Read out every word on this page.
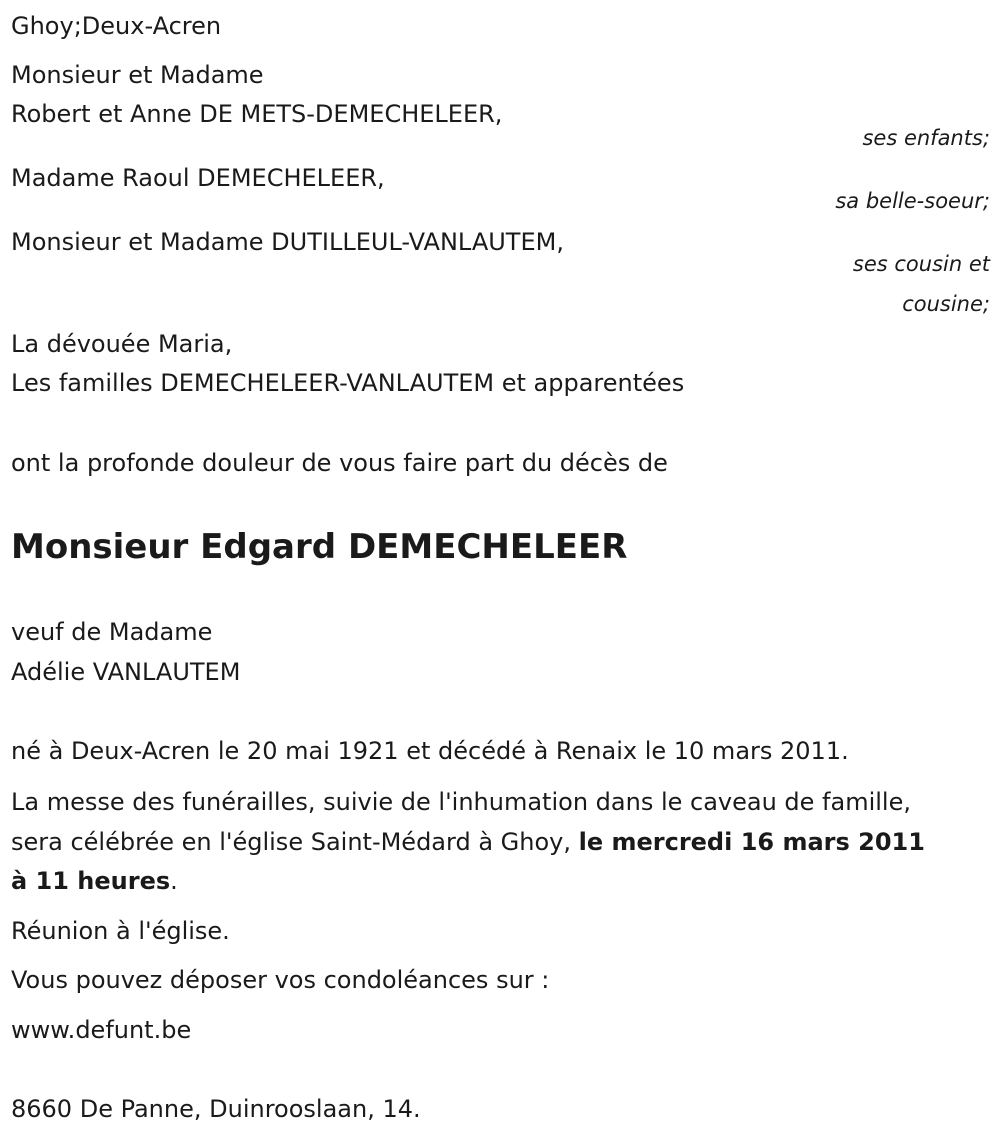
Ghoy;Deux-Acren
Monsieur et Madame
Robert et Anne DE METS-DEMECHELEER,
ses enfants;
Madame Raoul DEMECHELEER,
sa belle-soeur;
Monsieur et Madame DUTILLEUL-VANLAUTEM,
ses cousin et
cousine;
La dévouée Maria,
Les familles DEMECHELEER-VANLAUTEM et apparentées
ont la profonde douleur de vous faire part du décès de
Monsieur Edgard DEMECHELEER
veuf de Madame
Adélie VANLAUTEM
né à Deux-Acren le 20 mai 1921 et décédé à Renaix le 10 mars 2011.
La messe des funérailles, suivie de l'inhumation dans le caveau de famille,
sera célébrée en l'église Saint-Médard à Ghoy, le mercredi 16 mars 2011
à 11 heures.
Réunion à l'église.
Vous pouvez déposer vos condoléances sur :
www.defunt.be
8660 De Panne, Duinrooslaan, 14.
